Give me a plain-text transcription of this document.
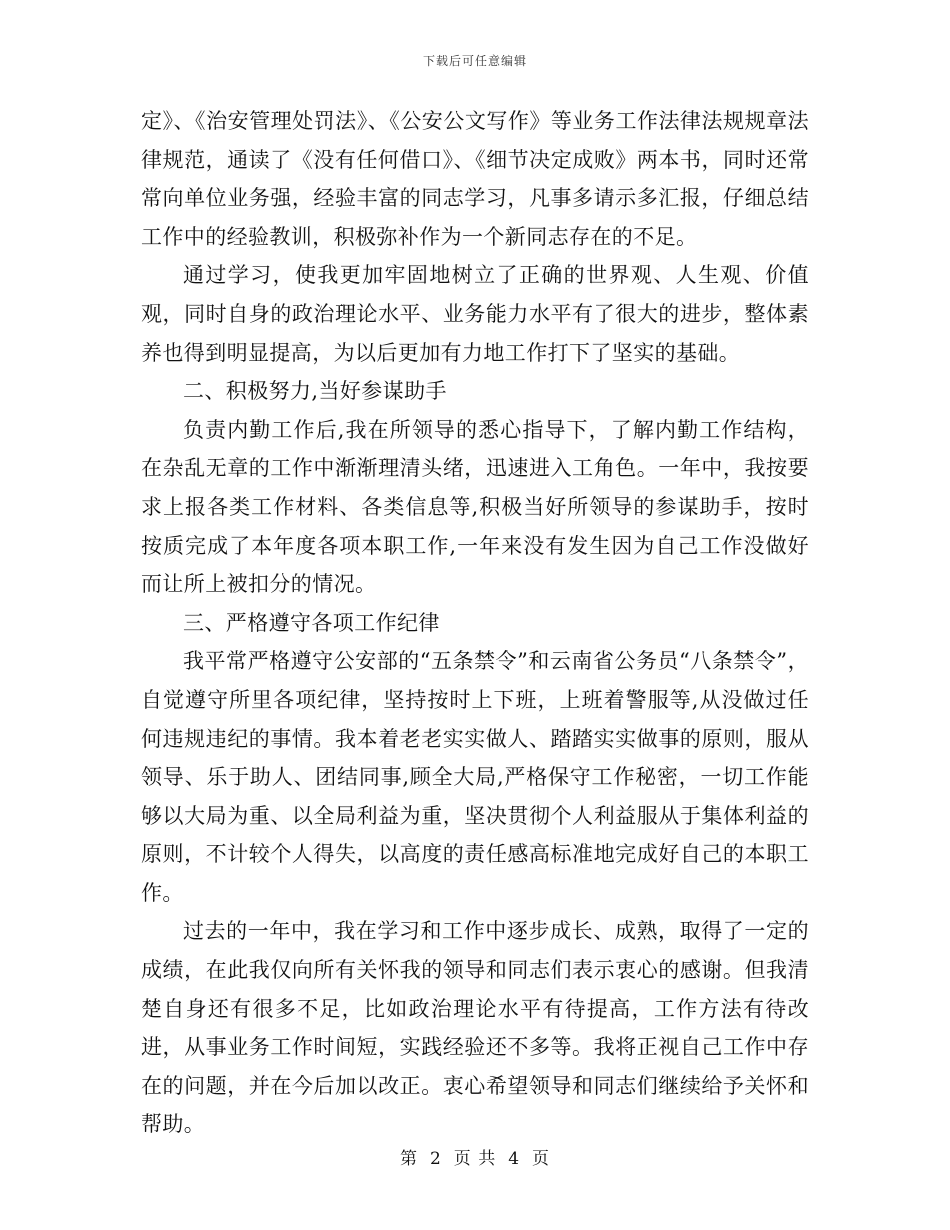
下载后可任意编辑

定》、《治安管理处罚法》、《公安公文写作》等业务工作法律法规规章法律规范，通读了《没有任何借口》、《细节决定成败》两本书，同时还常常向单位业务强，经验丰富的同志学习，凡事多请示多汇报，仔细总结工作中的经验教训，积极弥补作为一个新同志存在的不足。

通过学习，使我更加牢固地树立了正确的世界观、人生观、价值观，同时自身的政治理论水平、业务能力水平有了很大的进步，整体素养也得到明显提高，为以后更加有力地工作打下了坚实的基础。

二、积极努力,当好参谋助手

负责内勤工作后,我在所领导的悉心指导下，了解内勤工作结构，在杂乱无章的工作中渐渐理清头绪，迅速进入工角色。一年中，我按要求上报各类工作材料、各类信息等,积极当好所领导的参谋助手，按时按质完成了本年度各项本职工作,一年来没有发生因为自己工作没做好而让所上被扣分的情况。

三、严格遵守各项工作纪律

我平常严格遵守公安部的“五条禁令”和云南省公务员“八条禁令”，自觉遵守所里各项纪律，坚持按时上下班，上班着警服等,从没做过任何违规违纪的事情。我本着老老实实做人、踏踏实实做事的原则，服从领导、乐于助人、团结同事,顾全大局,严格保守工作秘密，一切工作能够以大局为重、以全局利益为重，坚决贯彻个人利益服从于集体利益的原则，不计较个人得失，以高度的责任感高标准地完成好自己的本职工作。

过去的一年中，我在学习和工作中逐步成长、成熟，取得了一定的成绩，在此我仅向所有关怀我的领导和同志们表示衷心的感谢。但我清楚自身还有很多不足，比如政治理论水平有待提高，工作方法有待改进，从事业务工作时间短，实践经验还不多等。我将正视自己工作中存在的问题，并在今后加以改正。衷心希望领导和同志们继续给予关怀和帮助。

第 2 页 共 4 页
